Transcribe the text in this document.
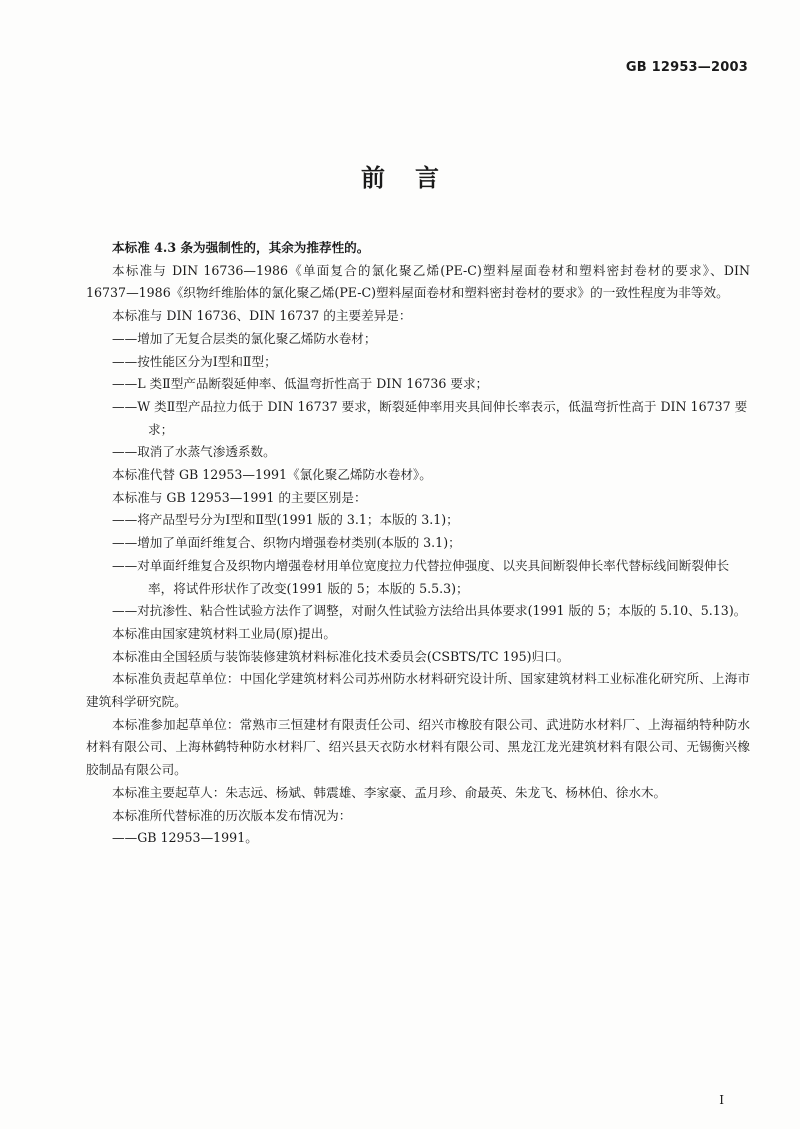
GB 12953—2003
前言

本标准 4.3 条为强制性的，其余为推荐性的。

本标准与 DIN 16736—1986《单面复合的氯化聚乙烯(PE-C)塑料屋面卷材和塑料密封卷材的要求》、DIN 16737—1986《织物纤维胎体的氯化聚乙烯(PE-C)塑料屋面卷材和塑料密封卷材的要求》的一致性程度为非等效。

本标准与 DIN 16736、DIN 16737 的主要差异是：

——增加了无复合层类的氯化聚乙烯防水卷材；

——按性能区分为Ⅰ型和Ⅱ型；

——L 类Ⅱ型产品断裂延伸率、低温弯折性高于 DIN 16736 要求；

——W 类Ⅱ型产品拉力低于 DIN 16737 要求，断裂延伸率用夹具间伸长率表示，低温弯折性高于 DIN 16737 要求；

——取消了水蒸气渗透系数。

本标准代替 GB 12953—1991《氯化聚乙烯防水卷材》。

本标准与 GB 12953—1991 的主要区别是：

——将产品型号分为Ⅰ型和Ⅱ型(1991 版的 3.1；本版的 3.1)；

——增加了单面纤维复合、织物内增强卷材类别(本版的 3.1)；

——对单面纤维复合及织物内增强卷材用单位宽度拉力代替拉伸强度、以夹具间断裂伸长率代替标线间断裂伸长率，将试件形状作了改变(1991 版的 5；本版的 5.5.3)；

——对抗渗性、粘合性试验方法作了调整，对耐久性试验方法给出具体要求(1991 版的 5；本版的 5.10、5.13)。

本标准由国家建筑材料工业局(原)提出。

本标准由全国轻质与装饰装修建筑材料标准化技术委员会(CSBTS/TC 195)归口。

本标准负责起草单位：中国化学建筑材料公司苏州防水材料研究设计所、国家建筑材料工业标准化研究所、上海市建筑科学研究院。

本标准参加起草单位：常熟市三恒建材有限责任公司、绍兴市橡胶有限公司、武进防水材料厂、上海福纳特种防水材料有限公司、上海林鹤特种防水材料厂、绍兴县天衣防水材料有限公司、黑龙江龙光建筑材料有限公司、无锡衡兴橡胶制品有限公司。

本标准主要起草人：朱志远、杨斌、韩震雄、李家豪、孟月珍、俞最英、朱龙飞、杨林伯、徐水木。

本标准所代替标准的历次版本发布情况为：

——GB 12953—1991。

Ⅰ
